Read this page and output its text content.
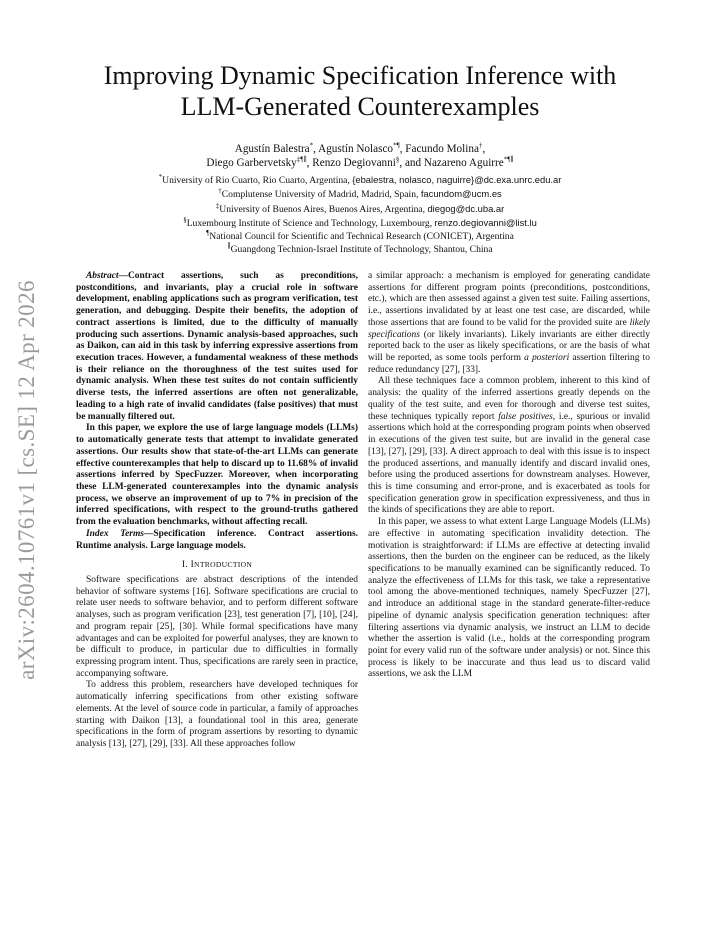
arXiv:2604.10761v1 [cs.SE] 12 Apr 2026
Improving Dynamic Specification Inference with
LLM-Generated Counterexamples
Agustín Balestra*, Agustín Nolasco*¶, Facundo Molina†,
Diego Garbervetsky‡¶∥, Renzo Degiovanni§, and Nazareno Aguirre*¶∥
*University of Rio Cuarto, Rio Cuarto, Argentina, {ebalestra, nolasco, naguirre}@dc.exa.unrc.edu.ar
†Complutense University of Madrid, Madrid, Spain, facundom@ucm.es
‡University of Buenos Aires, Buenos Aires, Argentina, diegog@dc.uba.ar
§Luxembourg Institute of Science and Technology, Luxembourg, renzo.degiovanni@list.lu
¶National Council for Scientific and Technical Research (CONICET), Argentina
∥Guangdong Technion-Israel Institute of Technology, Shantou, China

Abstract—Contract assertions, such as preconditions, postconditions, and invariants, play a crucial role in software development, enabling applications such as program verification, test generation, and debugging. Despite their benefits, the adoption of contract assertions is limited, due to the difficulty of manually producing such assertions. Dynamic analysis-based approaches, such as Daikon, can aid in this task by inferring expressive assertions from execution traces. However, a fundamental weakness of these methods is their reliance on the thoroughness of the test suites used for dynamic analysis. When these test suites do not contain sufficiently diverse tests, the inferred assertions are often not generalizable, leading to a high rate of invalid candidates (false positives) that must be manually filtered out.

In this paper, we explore the use of large language models (LLMs) to automatically generate tests that attempt to invalidate generated assertions. Our results show that state-of-the-art LLMs can generate effective counterexamples that help to discard up to 11.68% of invalid assertions inferred by SpecFuzzer. Moreover, when incorporating these LLM-generated counterexamples into the dynamic analysis process, we observe an improvement of up to 7% in precision of the inferred specifications, with respect to the ground-truths gathered from the evaluation benchmarks, without affecting recall.

Index Terms—Specification inference. Contract assertions. Runtime analysis. Large language models.

I. INTRODUCTION

Software specifications are abstract descriptions of the intended behavior of software systems [16]. Software specifications are crucial to relate user needs to software behavior, and to perform different software analyses, such as program verification [23], test generation [7], [10], [24], and program repair [25], [30]. While formal specifications have many advantages and can be exploited for powerful analyses, they are known to be difficult to produce, in particular due to difficulties in formally expressing program intent. Thus, specifications are rarely seen in practice, accompanying software.

To address this problem, researchers have developed techniques for automatically inferring specifications from other existing software elements. At the level of source code in particular, a family of approaches starting with Daikon [13], a foundational tool in this area, generate specifications in the form of program assertions by resorting to dynamic analysis [13], [27], [29], [33]. All these approaches follow

a similar approach: a mechanism is employed for generating candidate assertions for different program points (preconditions, postconditions, etc.), which are then assessed against a given test suite. Failing assertions, i.e., assertions invalidated by at least one test case, are discarded, while those assertions that are found to be valid for the provided suite are likely specifications (or likely invariants). Likely invariants are either directly reported back to the user as likely specifications, or are the basis of what will be reported, as some tools perform a posteriori assertion filtering to reduce redundancy [27], [33].

All these techniques face a common problem, inherent to this kind of analysis: the quality of the inferred assertions greatly depends on the quality of the test suite, and even for thorough and diverse test suites, these techniques typically report false positives, i.e., spurious or invalid assertions which hold at the corresponding program points when observed in executions of the given test suite, but are invalid in the general case [13], [27], [29], [33]. A direct approach to deal with this issue is to inspect the produced assertions, and manually identify and discard invalid ones, before using the produced assertions for downstream analyses. However, this is time consuming and error-prone, and is exacerbated as tools for specification generation grow in specification expressiveness, and thus in the kinds of specifications they are able to report.

In this paper, we assess to what extent Large Language Models (LLMs) are effective in automating specification invalidity detection. The motivation is straightforward: if LLMs are effective at detecting invalid assertions, then the burden on the engineer can be reduced, as the likely specifications to be manually examined can be significantly reduced. To analyze the effectiveness of LLMs for this task, we take a representative tool among the above-mentioned techniques, namely SpecFuzzer [27], and introduce an additional stage in the standard generate-filter-reduce pipeline of dynamic analysis specification generation techniques: after filtering assertions via dynamic analysis, we instruct an LLM to decide whether the assertion is valid (i.e., holds at the corresponding program point for every valid run of the software under analysis) or not. Since this process is likely to be inaccurate and thus lead us to discard valid assertions, we ask the LLM
